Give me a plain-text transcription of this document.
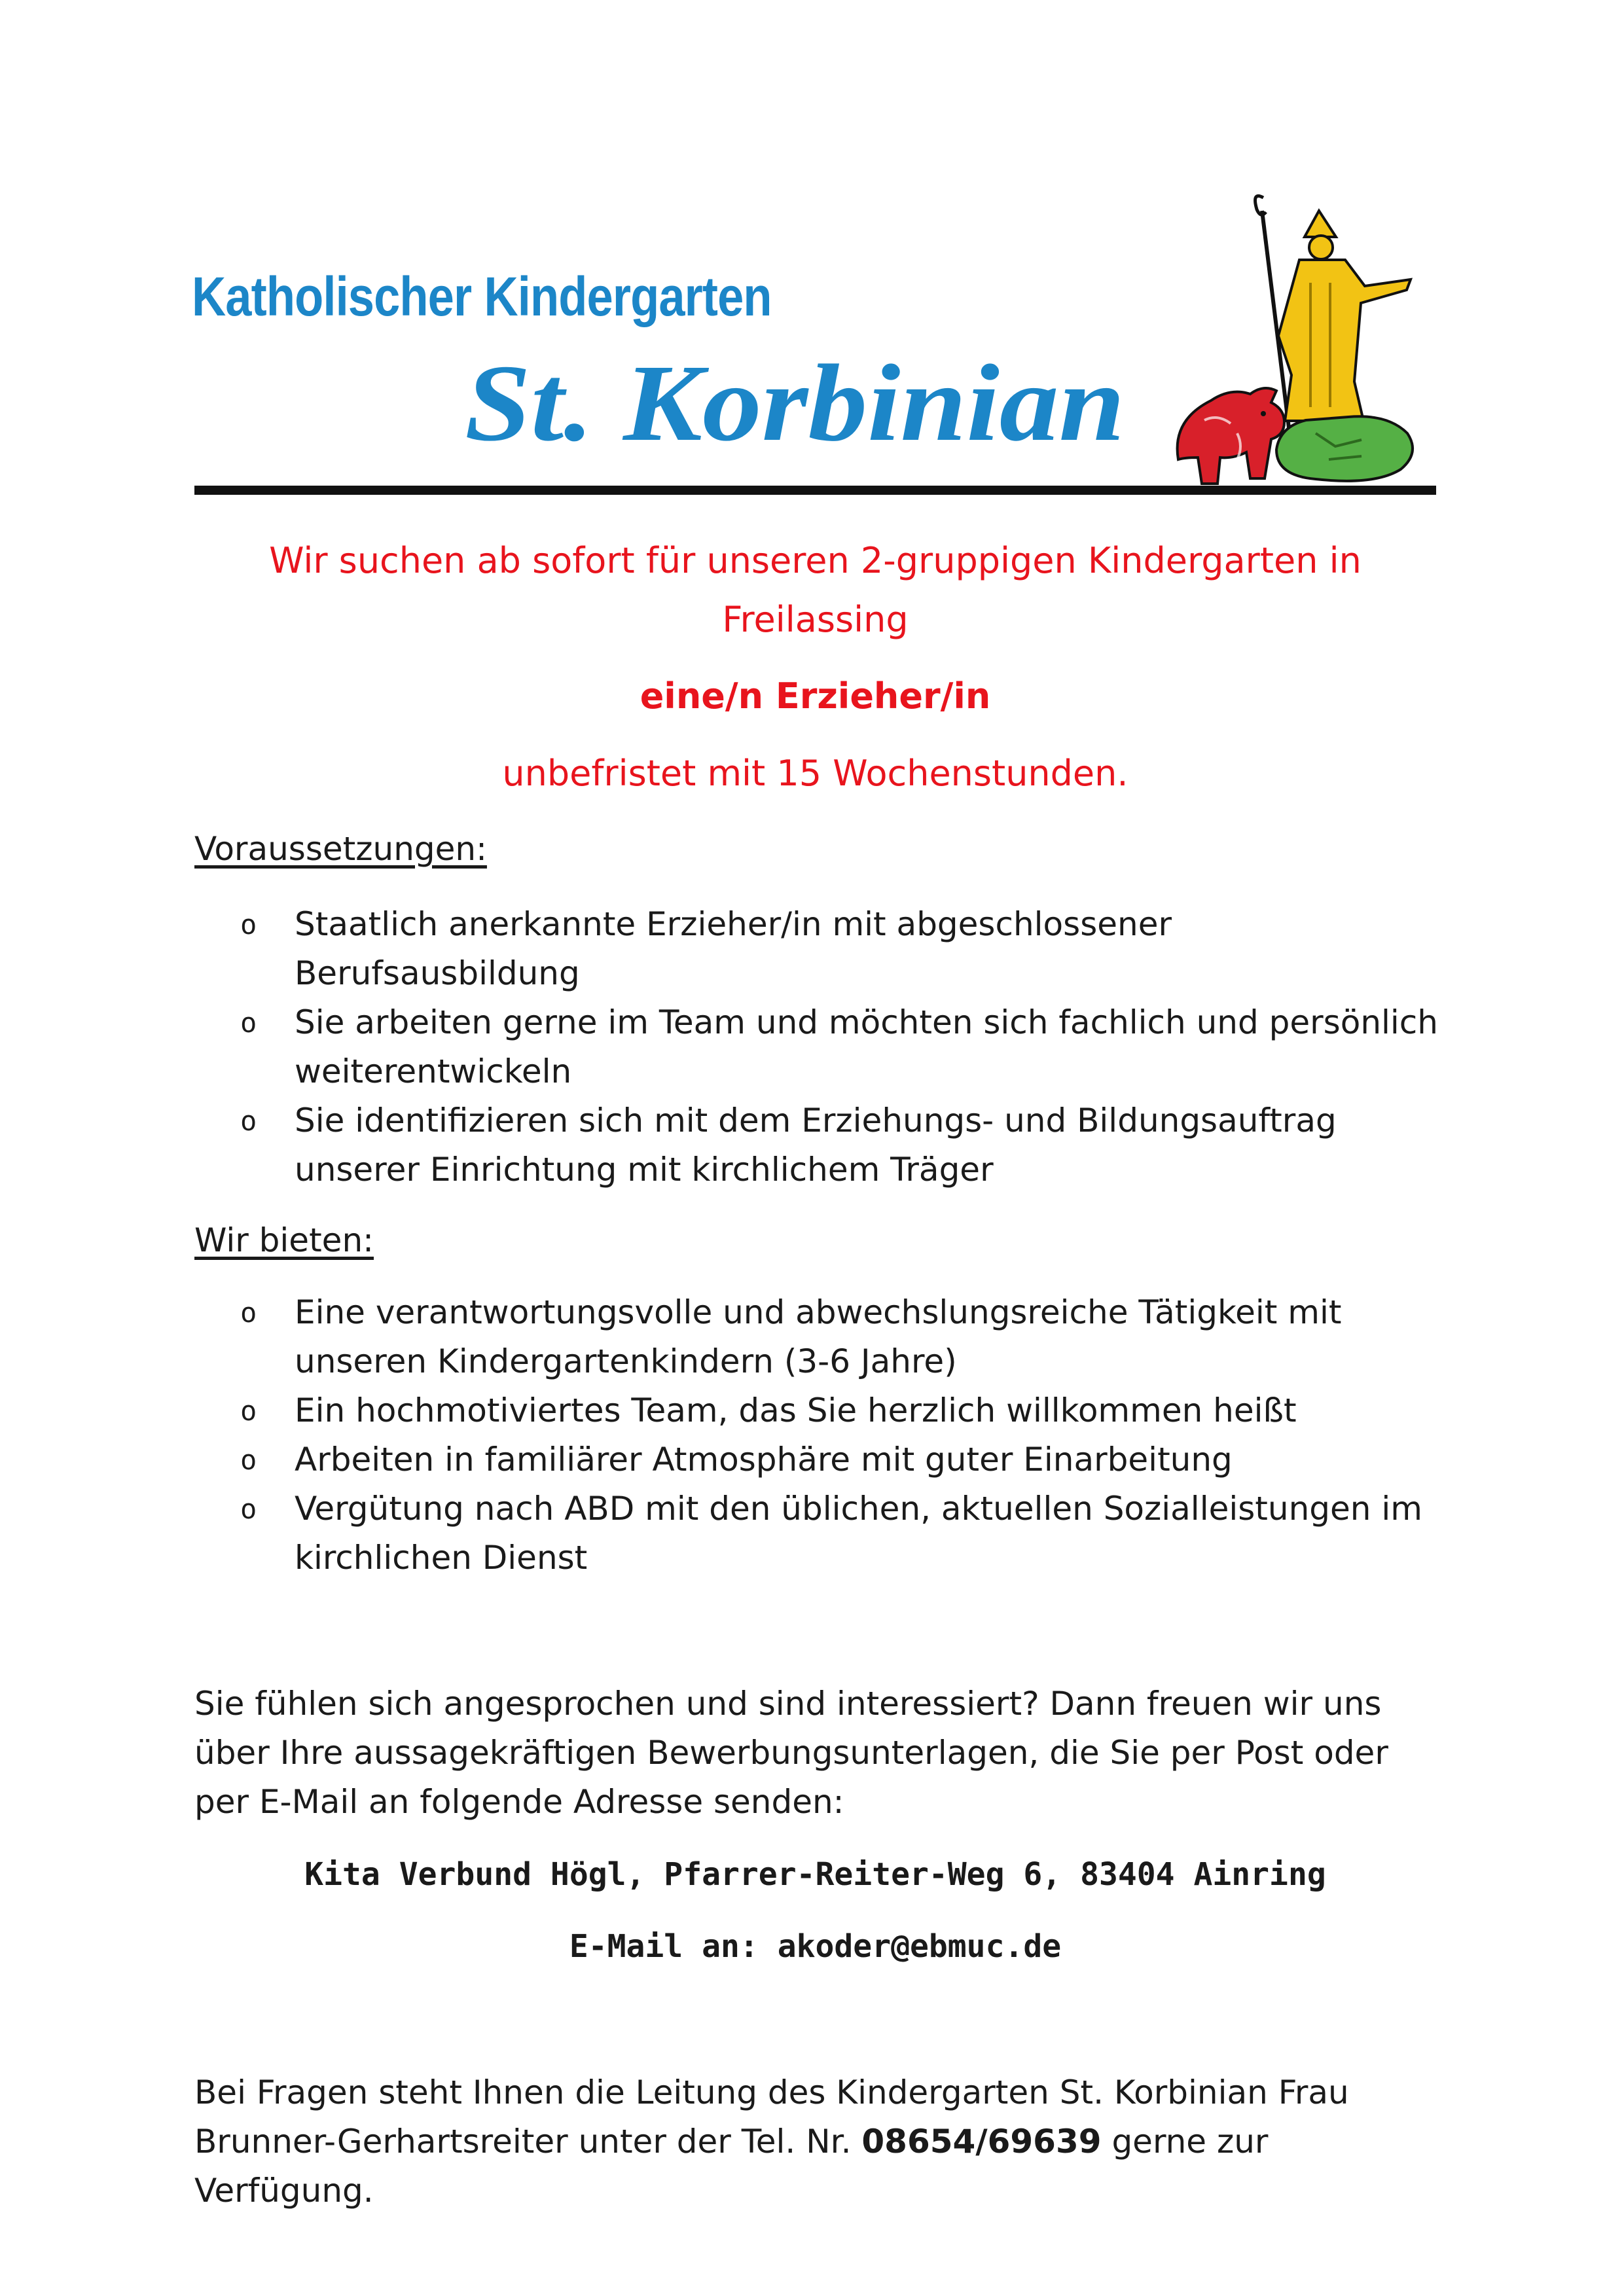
Katholischer Kindergarten
St. Korbinian
Wir suchen ab sofort für unseren 2-gruppigen Kindergarten in Freilassing
eine/n Erzieher/in
unbefristet mit 15 Wochenstunden.
Voraussetzungen:
o Staatlich anerkannte Erzieher/in mit abgeschlossener Berufsausbildung
o Sie arbeiten gerne im Team und möchten sich fachlich und persönlich weiterentwickeln
o Sie identifizieren sich mit dem Erziehungs- und Bildungsauftrag unserer Einrichtung mit kirchlichem Träger
Wir bieten:
o Eine verantwortungsvolle und abwechslungsreiche Tätigkeit mit unseren Kindergartenkindern (3-6 Jahre)
o Ein hochmotiviertes Team, das Sie herzlich willkommen heißt
o Arbeiten in familiärer Atmosphäre mit guter Einarbeitung
o Vergütung nach ABD mit den üblichen, aktuellen Sozialleistungen im kirchlichen Dienst
Sie fühlen sich angesprochen und sind interessiert? Dann freuen wir uns über Ihre aussagekräftigen Bewerbungsunterlagen, die Sie per Post oder per E-Mail an folgende Adresse senden:
Kita Verbund Högl, Pfarrer-Reiter-Weg 6, 83404 Ainring
E-Mail an: akoder@ebmuc.de
Bei Fragen steht Ihnen die Leitung des Kindergarten St. Korbinian Frau Brunner-Gerhartsreiter unter der Tel. Nr. 08654/69639 gerne zur Verfügung.
